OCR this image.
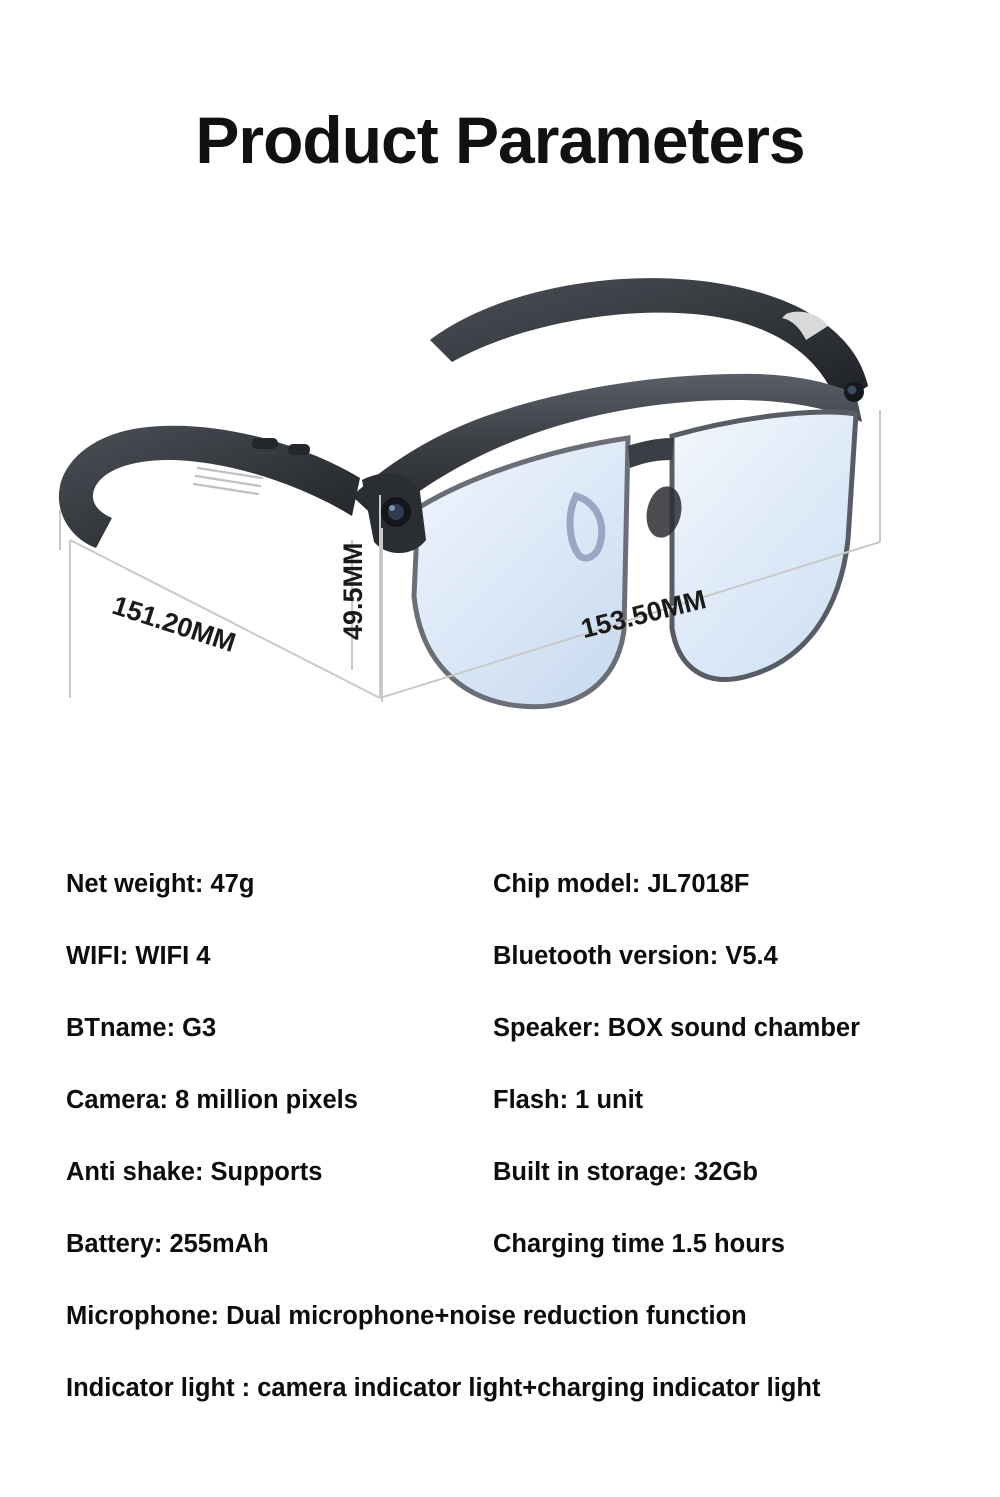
Product Parameters
151.20MM	49.5MM	153.50MM
Net weight: 47g	Chip model: JL7018F
WIFI: WIFI 4	Bluetooth version: V5.4
BTname: G3	Speaker: BOX sound chamber
Camera: 8 million pixels	Flash: 1 unit
Anti shake: Supports	Built in storage: 32Gb
Battery: 255mAh	Charging time 1.5 hours
Microphone: Dual microphone+noise reduction function
Indicator light : camera indicator light+charging indicator light
